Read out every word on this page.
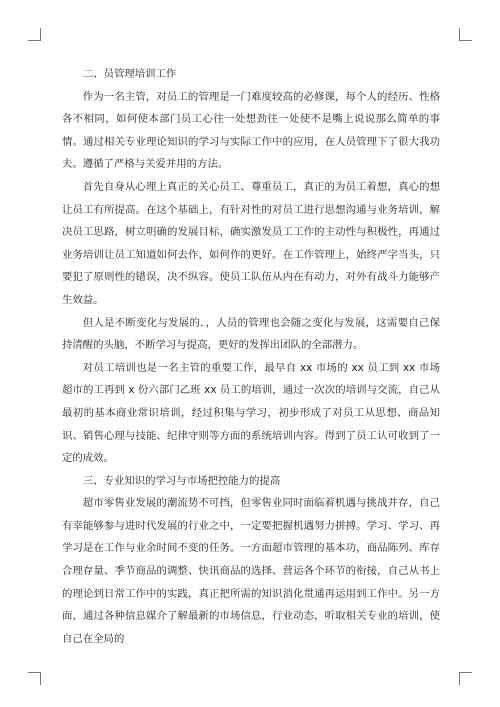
二、员管理培训工作

作为一名主管，对员工的管理是一门难度较高的必修课，每个人的经历、性格各不相同，如何使本部门员工心往一处想劲往一处使不是嘴上说说那么简单的事情。通过相关专业理论知识的学习与实际工作中的应用，在人员管理下了很大我功夫。遵循了严格与关爱并用的方法。

首先自身从心理上真正的关心员工、尊重员工，真正的为员工着想，真心的想让员工有所提高。在这个基础上，有针对性的对员工进行思想沟通与业务培训，解决员工思路，树立明确的发展目标，确实激发员工工作的主动性与积极性，再通过业务培训让员工知道如何去作，如何作的更好。在工作管理上，始终严字当头，只要犯了原则性的错误，决不纵容。使员工队伍从内在有动力，对外有战斗力能够产生效益。

但人是不断变化与发展的．，人员的管理也会随之变化与发展，这需要自己保持清醒的头脑，不断学习与提高，更好的发挥出团队的全部潜力。

对员工培训也是一名主管的重要工作，最早自 xx 市场的 xx 员工到 xx 市场超市的工再到 x 份六部门乙班 xx 员工的培训，通过一次次的培训与交流，自己从最初的基本商业常识培训，经过积集与学习，初步形成了对员工从思想、商品知识、销售心理与技能、纪律守则等方面的系统培训内容。得到了员工认可收到了一定的成效。

三、专业知识的学习与市场把控能力的提高

超市零售业发展的潮流势不可挡，但零售业同时面临着机遇与挑战并存，自己有幸能够参与进时代发展的行业之中，一定要把握机遇努力拼搏。学习、学习、再学习是在工作与业余时间不变的任务。一方面超市管理的基本功，商品陈列、库存合理存量、季节商品的调整、快讯商品的选择、营运各个环节的衔接，自己从书上的理论到日常工作中的实践，真正把所需的知识消化贯通再运用到工作中。另一方面，通过各种信息媒介了解最新的市场信息，行业动态，听取相关专业的培训，使自己在全局的
